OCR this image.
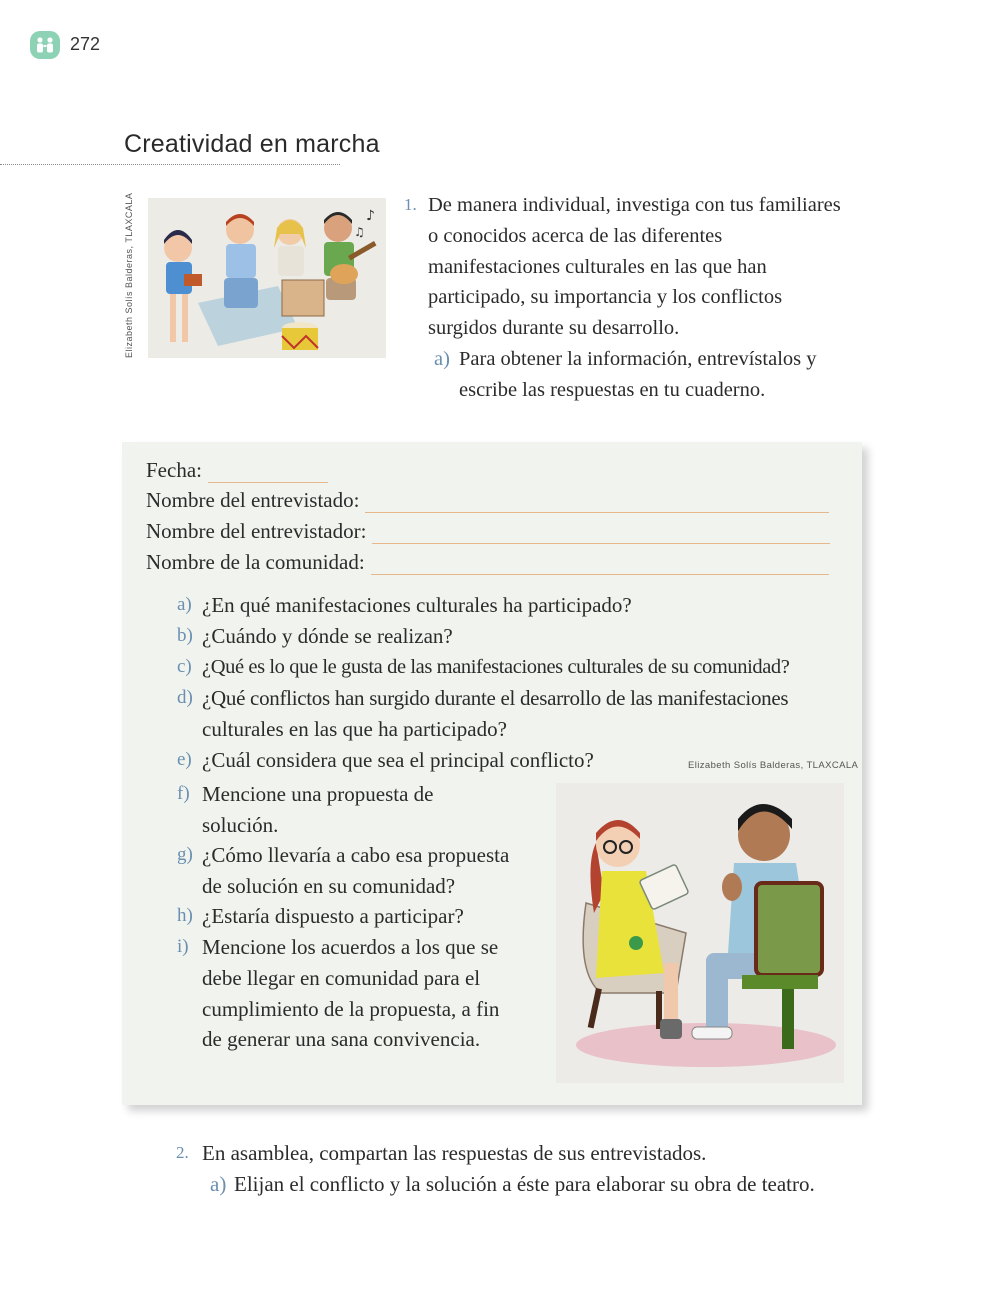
272
Creatividad en marcha
Elizabeth Solís Balderas, TLAXCALA	♪
♫
1. De manera individual, investiga con tus familiares o conocidos acerca de las diferentes manifestaciones culturales en las que han participado, su importancia y los conflictos surgidos durante su desarrollo.
a) Para obtener la información, entrevístalos y escribe las respuestas en tu cuaderno.
Fecha:
Nombre del entrevistado:
Nombre del entrevistador:
Nombre de la comunidad:
a) ¿En qué manifestaciones culturales ha participado?
b) ¿Cuándo y dónde se realizan?
c) ¿Qué es lo que le gusta de las manifestaciones culturales de su comunidad?
d) ¿Qué conflictos han surgido durante el desarrollo de las manifestaciones
culturales en las que ha participado?
e) ¿Cuál considera que sea el principal conflicto?
f) Mencione una propuesta de
solución.
g) ¿Cómo llevaría a cabo esa propuesta
de solución en su comunidad?
h) ¿Estaría dispuesto a participar?
i) Mencione los acuerdos a los que se
debe llegar en comunidad para el
cumplimiento de la propuesta, a fin
de generar una sana convivencia.
Elizabeth Solís Balderas, TLAXCALA
2. En asamblea, compartan las respuestas de sus entrevistados.
a) Elijan el conflicto y la solución a éste para elaborar su obra de teatro.
